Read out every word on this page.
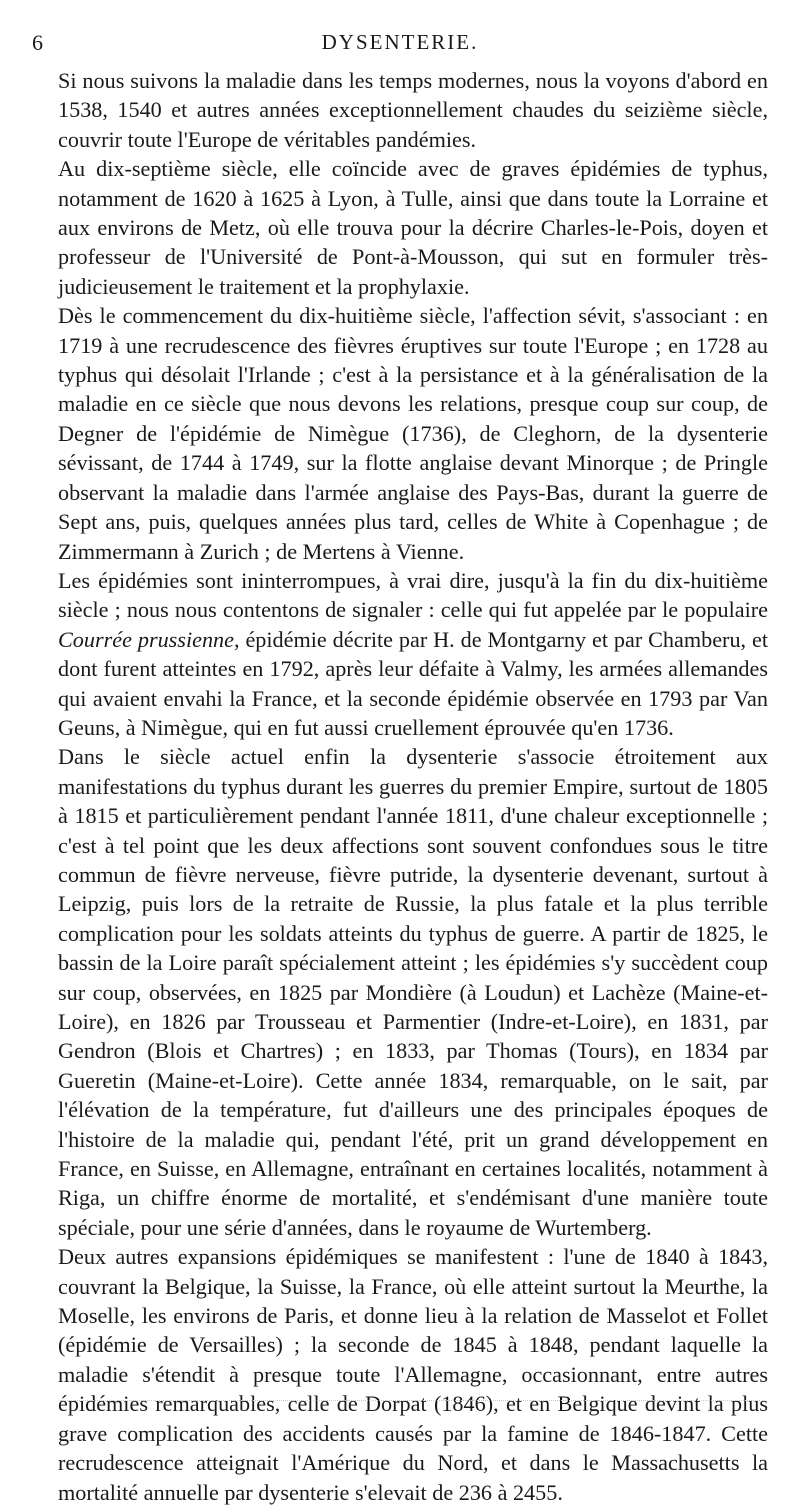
6	DYSENTERIE.

Si nous suivons la maladie dans les temps modernes, nous la voyons d'abord en 1538, 1540 et autres années exceptionnellement chaudes du seizième siècle, couvrir toute l'Europe de véritables pandémies.

Au dix-septième siècle, elle coïncide avec de graves épidémies de typhus, notamment de 1620 à 1625 à Lyon, à Tulle, ainsi que dans toute la Lorraine et aux environs de Metz, où elle trouva pour la décrire Charles-le-Pois, doyen et professeur de l'Université de Pont-à-Mousson, qui sut en formuler très-judicieusement le traitement et la prophylaxie.

Dès le commencement du dix-huitième siècle, l'affection sévit, s'associant : en 1719 à une recrudescence des fièvres éruptives sur toute l'Europe ; en 1728 au typhus qui désolait l'Irlande ; c'est à la persistance et à la généralisation de la maladie en ce siècle que nous devons les relations, presque coup sur coup, de Degner de l'épidémie de Nimègue (1736), de Cleghorn, de la dysenterie sévissant, de 1744 à 1749, sur la flotte anglaise devant Minorque ; de Pringle observant la maladie dans l'armée anglaise des Pays-Bas, durant la guerre de Sept ans, puis, quelques années plus tard, celles de White à Copenhague ; de Zimmermann à Zurich ; de Mertens à Vienne.

Les épidémies sont ininterrompues, à vrai dire, jusqu'à la fin du dix-huitième siècle ; nous nous contentons de signaler : celle qui fut appelée par le populaire Courrée prussienne, épidémie décrite par H. de Montgarny et par Chamberu, et dont furent atteintes en 1792, après leur défaite à Valmy, les armées allemandes qui avaient envahi la France, et la seconde épidémie observée en 1793 par Van Geuns, à Nimègue, qui en fut aussi cruellement éprouvée qu'en 1736.

Dans le siècle actuel enfin la dysenterie s'associe étroitement aux manifestations du typhus durant les guerres du premier Empire, surtout de 1805 à 1815 et particulièrement pendant l'année 1811, d'une chaleur exceptionnelle ; c'est à tel point que les deux affections sont souvent confondues sous le titre commun de fièvre nerveuse, fièvre putride, la dysenterie devenant, surtout à Leipzig, puis lors de la retraite de Russie, la plus fatale et la plus terrible complication pour les soldats atteints du typhus de guerre. A partir de 1825, le bassin de la Loire paraît spécialement atteint ; les épidémies s'y succèdent coup sur coup, observées, en 1825 par Mondière (à Loudun) et Lachèze (Maine-et-Loire), en 1826 par Trousseau et Parmentier (Indre-et-Loire), en 1831, par Gendron (Blois et Chartres) ; en 1833, par Thomas (Tours), en 1834 par Gueretin (Maine-et-Loire). Cette année 1834, remarquable, on le sait, par l'élévation de la température, fut d'ailleurs une des principales époques de l'histoire de la maladie qui, pendant l'été, prit un grand développement en France, en Suisse, en Allemagne, entraînant en certaines localités, notamment à Riga, un chiffre énorme de mortalité, et s'endémisant d'une manière toute spéciale, pour une série d'années, dans le royaume de Wurtemberg.

Deux autres expansions épidémiques se manifestent : l'une de 1840 à 1843, couvrant la Belgique, la Suisse, la France, où elle atteint surtout la Meurthe, la Moselle, les environs de Paris, et donne lieu à la relation de Masselot et Follet (épidémie de Versailles) ; la seconde de 1845 à 1848, pendant laquelle la maladie s'étendit à presque toute l'Allemagne, occasionnant, entre autres épidémies remarquables, celle de Dorpat (1846), et en Belgique devint la plus grave complication des accidents causés par la famine de 1846-1847. Cette recrudescence atteignait l'Amérique du Nord, et dans le Massachusetts la mortalité annuelle par dysenterie s'elevait de 236 à 2455.
